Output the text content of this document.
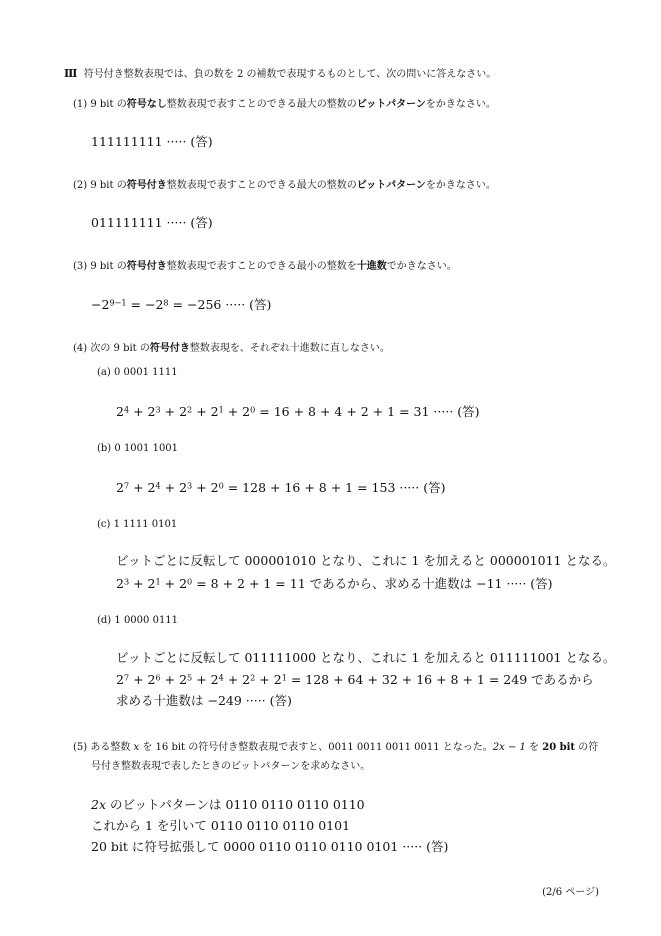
Ⅲ 符号付き整数表現では、負の数を 2 の補数で表現するものとして、次の問いに答えなさい。
(1) 9 bit の符号なし整数表現で表すことのできる最大の整数のビットパターンをかきなさい。
111111111 ····· (答)
(2) 9 bit の符号付き整数表現で表すことのできる最大の整数のビットパターンをかきなさい。
011111111 ····· (答)
(3) 9 bit の符号付き整数表現で表すことのできる最小の整数を十進数でかきなさい。
$-2^{9-1} = -2^8 = -256$ ····· (答)
(4) 次の 9 bit の符号付き整数表現を、それぞれ十進数に直しなさい。
(a) 0 0001 1111
$2^4 + 2^3 + 2^2 + 2^1 + 2^0 = 16 + 8 + 4 + 2 + 1 = 31$ ····· (答)
(b) 0 1001 1001
$2^7 + 2^4 + 2^3 + 2^0 = 128 + 16 + 8 + 1 = 153$ ····· (答)
(c) 1 1111 0101
ビットごとに反転して 000001010 となり、これに 1 を加えると 000001011 となる。
$2^3 + 2^1 + 2^0 = 8 + 2 + 1 = 11$ であるから、求める十進数は −11 ····· (答)
(d) 1 0000 0111
ビットごとに反転して 011111000 となり、これに 1 を加えると 011111001 となる。
$2^7 + 2^6 + 2^5 + 2^4 + 2^2 + 2^1 = 128 + 64 + 32 + 16 + 8 + 1 = 249$ であるから
求める十進数は −249 ····· (答)
(5) ある整数 x を 16 bit の符号付き整数表現で表すと、0011 0011 0011 0011 となった。2x − 1 を 20 bit の符
号付き整数表現で表したときのビットパターンを求めなさい。
2x のビットパターンは 0110 0110 0110 0110
これから 1 を引いて 0110 0110 0110 0101
20 bit に符号拡張して 0000 0110 0110 0110 0101 ····· (答)
(2/6 ページ)
